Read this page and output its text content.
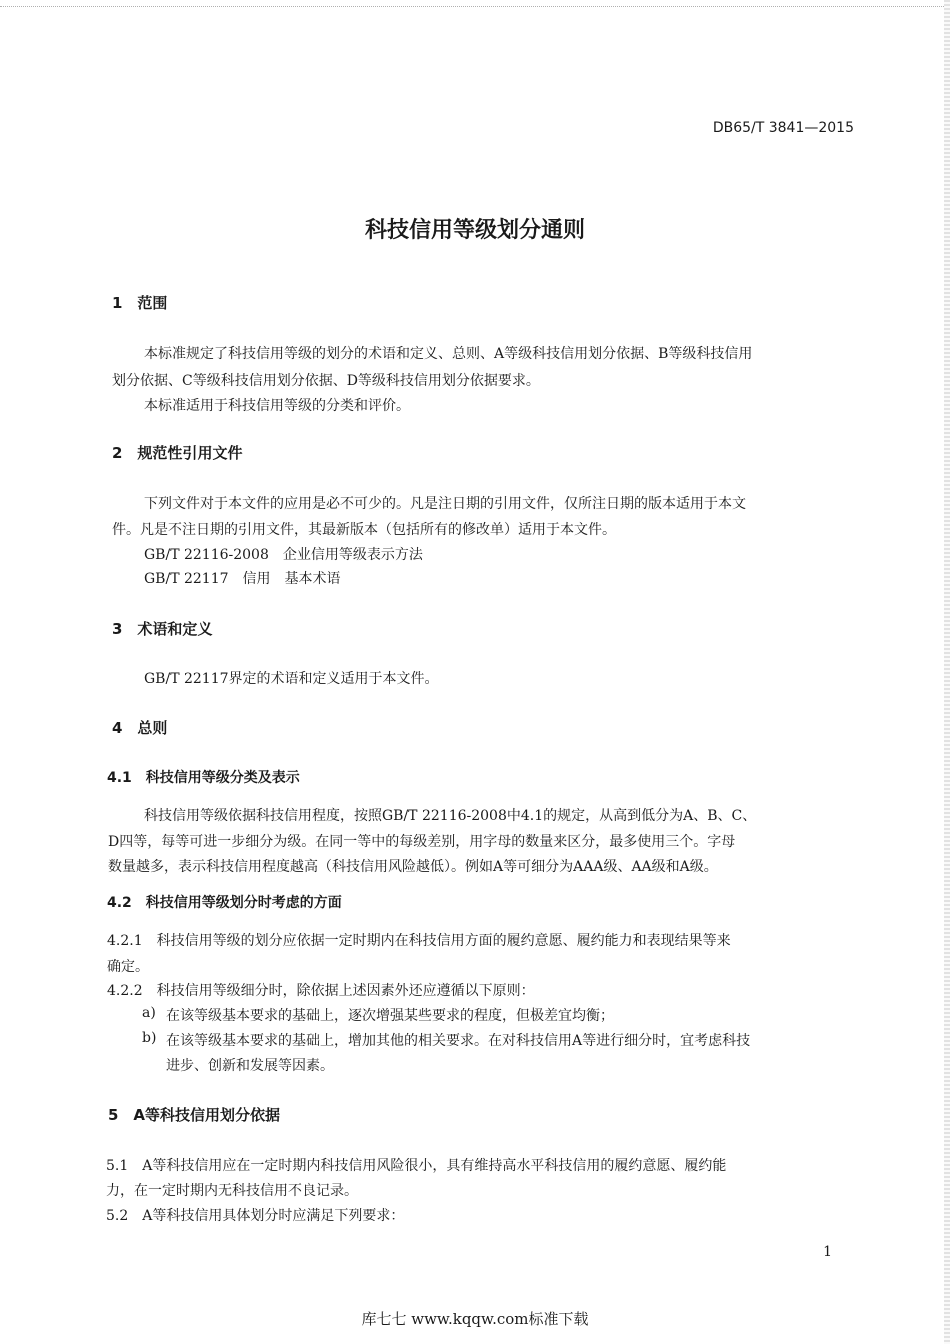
DB65/T 3841—2015
科技信用等级划分通则
1　范围
本标准规定了科技信用等级的划分的术语和定义、总则、A等级科技信用划分依据、B等级科技信用
划分依据、C等级科技信用划分依据、D等级科技信用划分依据要求。
本标准适用于科技信用等级的分类和评价。
2　规范性引用文件
下列文件对于本文件的应用是必不可少的。凡是注日期的引用文件，仅所注日期的版本适用于本文
件。凡是不注日期的引用文件，其最新版本（包括所有的修改单）适用于本文件。
GB/T 22116-2008　企业信用等级表示方法
GB/T 22117　信用　基本术语
3　术语和定义
GB/T 22117界定的术语和定义适用于本文件。
4　总则
4.1　科技信用等级分类及表示
科技信用等级依据科技信用程度，按照GB/T 22116-2008中4.1的规定，从高到低分为A、B、C、
D四等，每等可进一步细分为级。在同一等中的每级差别，用字母的数量来区分，最多使用三个。字母
数量越多，表示科技信用程度越高（科技信用风险越低）。例如A等可细分为AAA级、AA级和A级。
4.2　科技信用等级划分时考虑的方面
4.2.1　科技信用等级的划分应依据一定时期内在科技信用方面的履约意愿、履约能力和表现结果等来
确定。
4.2.2　科技信用等级细分时，除依据上述因素外还应遵循以下原则：
a) 在该等级基本要求的基础上，逐次增强某些要求的程度，但极差宜均衡；
b) 在该等级基本要求的基础上，增加其他的相关要求。在对科技信用A等进行细分时，宜考虑科技
进步、创新和发展等因素。
5　A等科技信用划分依据
5.1　A等科技信用应在一定时期内科技信用风险很小，具有维持高水平科技信用的履约意愿、履约能
力，在一定时期内无科技信用不良记录。
5.2　A等科技信用具体划分时应满足下列要求：
1
库七七 www.kqqw.com标准下载
